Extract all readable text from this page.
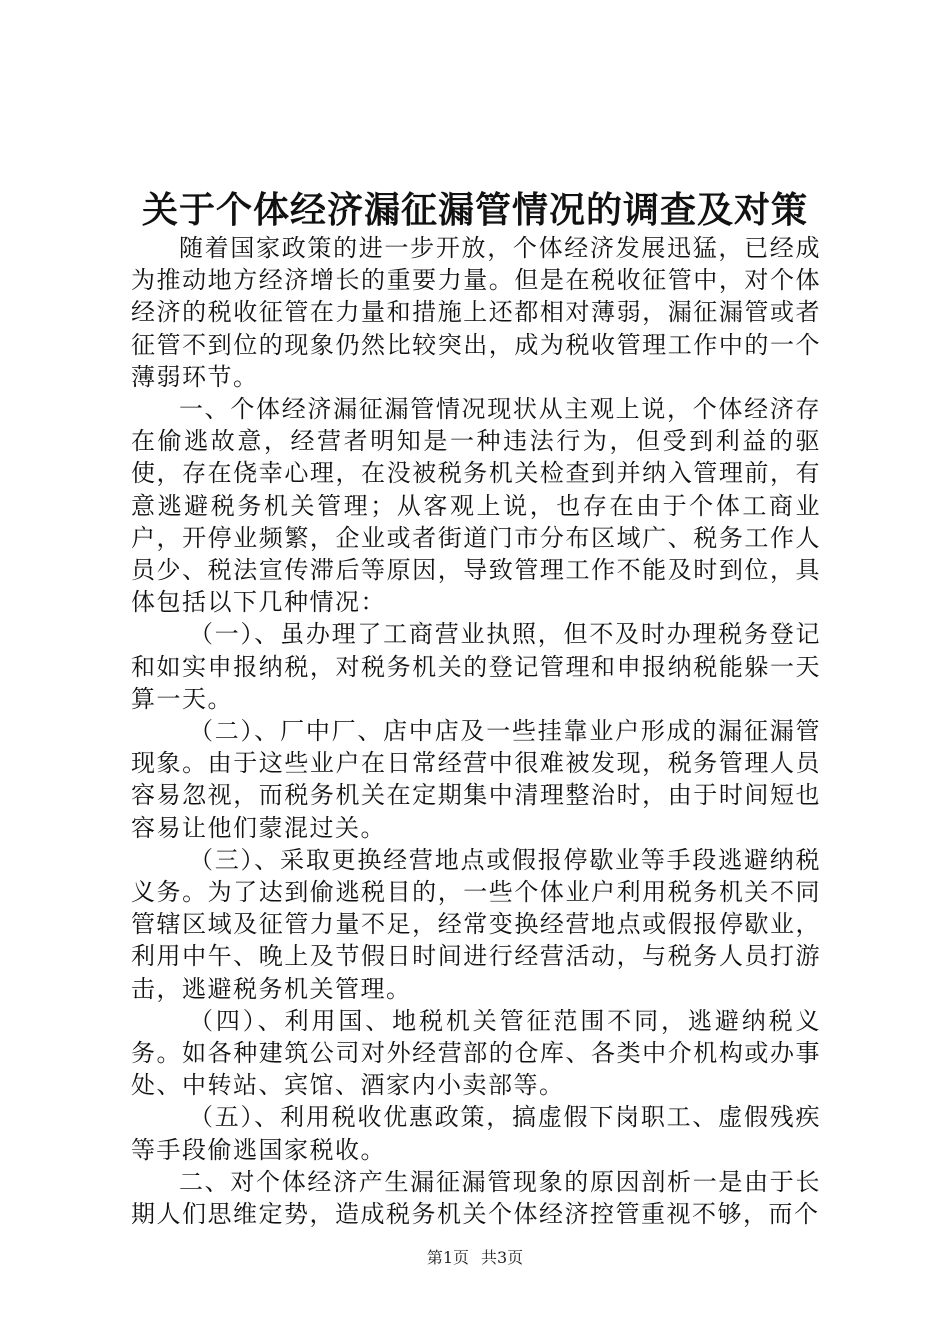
关于个体经济漏征漏管情况的调查及对策

随着国家政策的进一步开放，个体经济发展迅猛，已经成为推动地方经济增长的重要力量。但是在税收征管中，对个体经济的税收征管在力量和措施上还都相对薄弱，漏征漏管或者征管不到位的现象仍然比较突出，成为税收管理工作中的一个薄弱环节。

一、个体经济漏征漏管情况现状从主观上说，个体经济存在偷逃故意，经营者明知是一种违法行为，但受到利益的驱使，存在侥幸心理，在没被税务机关检查到并纳入管理前，有意逃避税务机关管理；从客观上说，也存在由于个体工商业户，开停业频繁，企业或者街道门市分布区域广、税务工作人员少、税法宣传滞后等原因，导致管理工作不能及时到位，具体包括以下几种情况：

（一）、虽办理了工商营业执照，但不及时办理税务登记和如实申报纳税，对税务机关的登记管理和申报纳税能躲一天算一天。

（二）、厂中厂、店中店及一些挂靠业户形成的漏征漏管现象。由于这些业户在日常经营中很难被发现，税务管理人员容易忽视，而税务机关在定期集中清理整治时，由于时间短也容易让他们蒙混过关。

（三）、采取更换经营地点或假报停歇业等手段逃避纳税义务。为了达到偷逃税目的，一些个体业户利用税务机关不同管辖区域及征管力量不足，经常变换经营地点或假报停歇业，利用中午、晚上及节假日时间进行经营活动，与税务人员打游击，逃避税务机关管理。

（四）、利用国、地税机关管征范围不同，逃避纳税义务。如各种建筑公司对外经营部的仓库、各类中介机构或办事处、中转站、宾馆、酒家内小卖部等。

（五）、利用税收优惠政策，搞虚假下岗职工、虚假残疾等手段偷逃国家税收。

二、对个体经济产生漏征漏管现象的原因剖析一是由于长期人们思维定势，造成税务机关个体经济控管重视不够，而个

第1页 共3页
